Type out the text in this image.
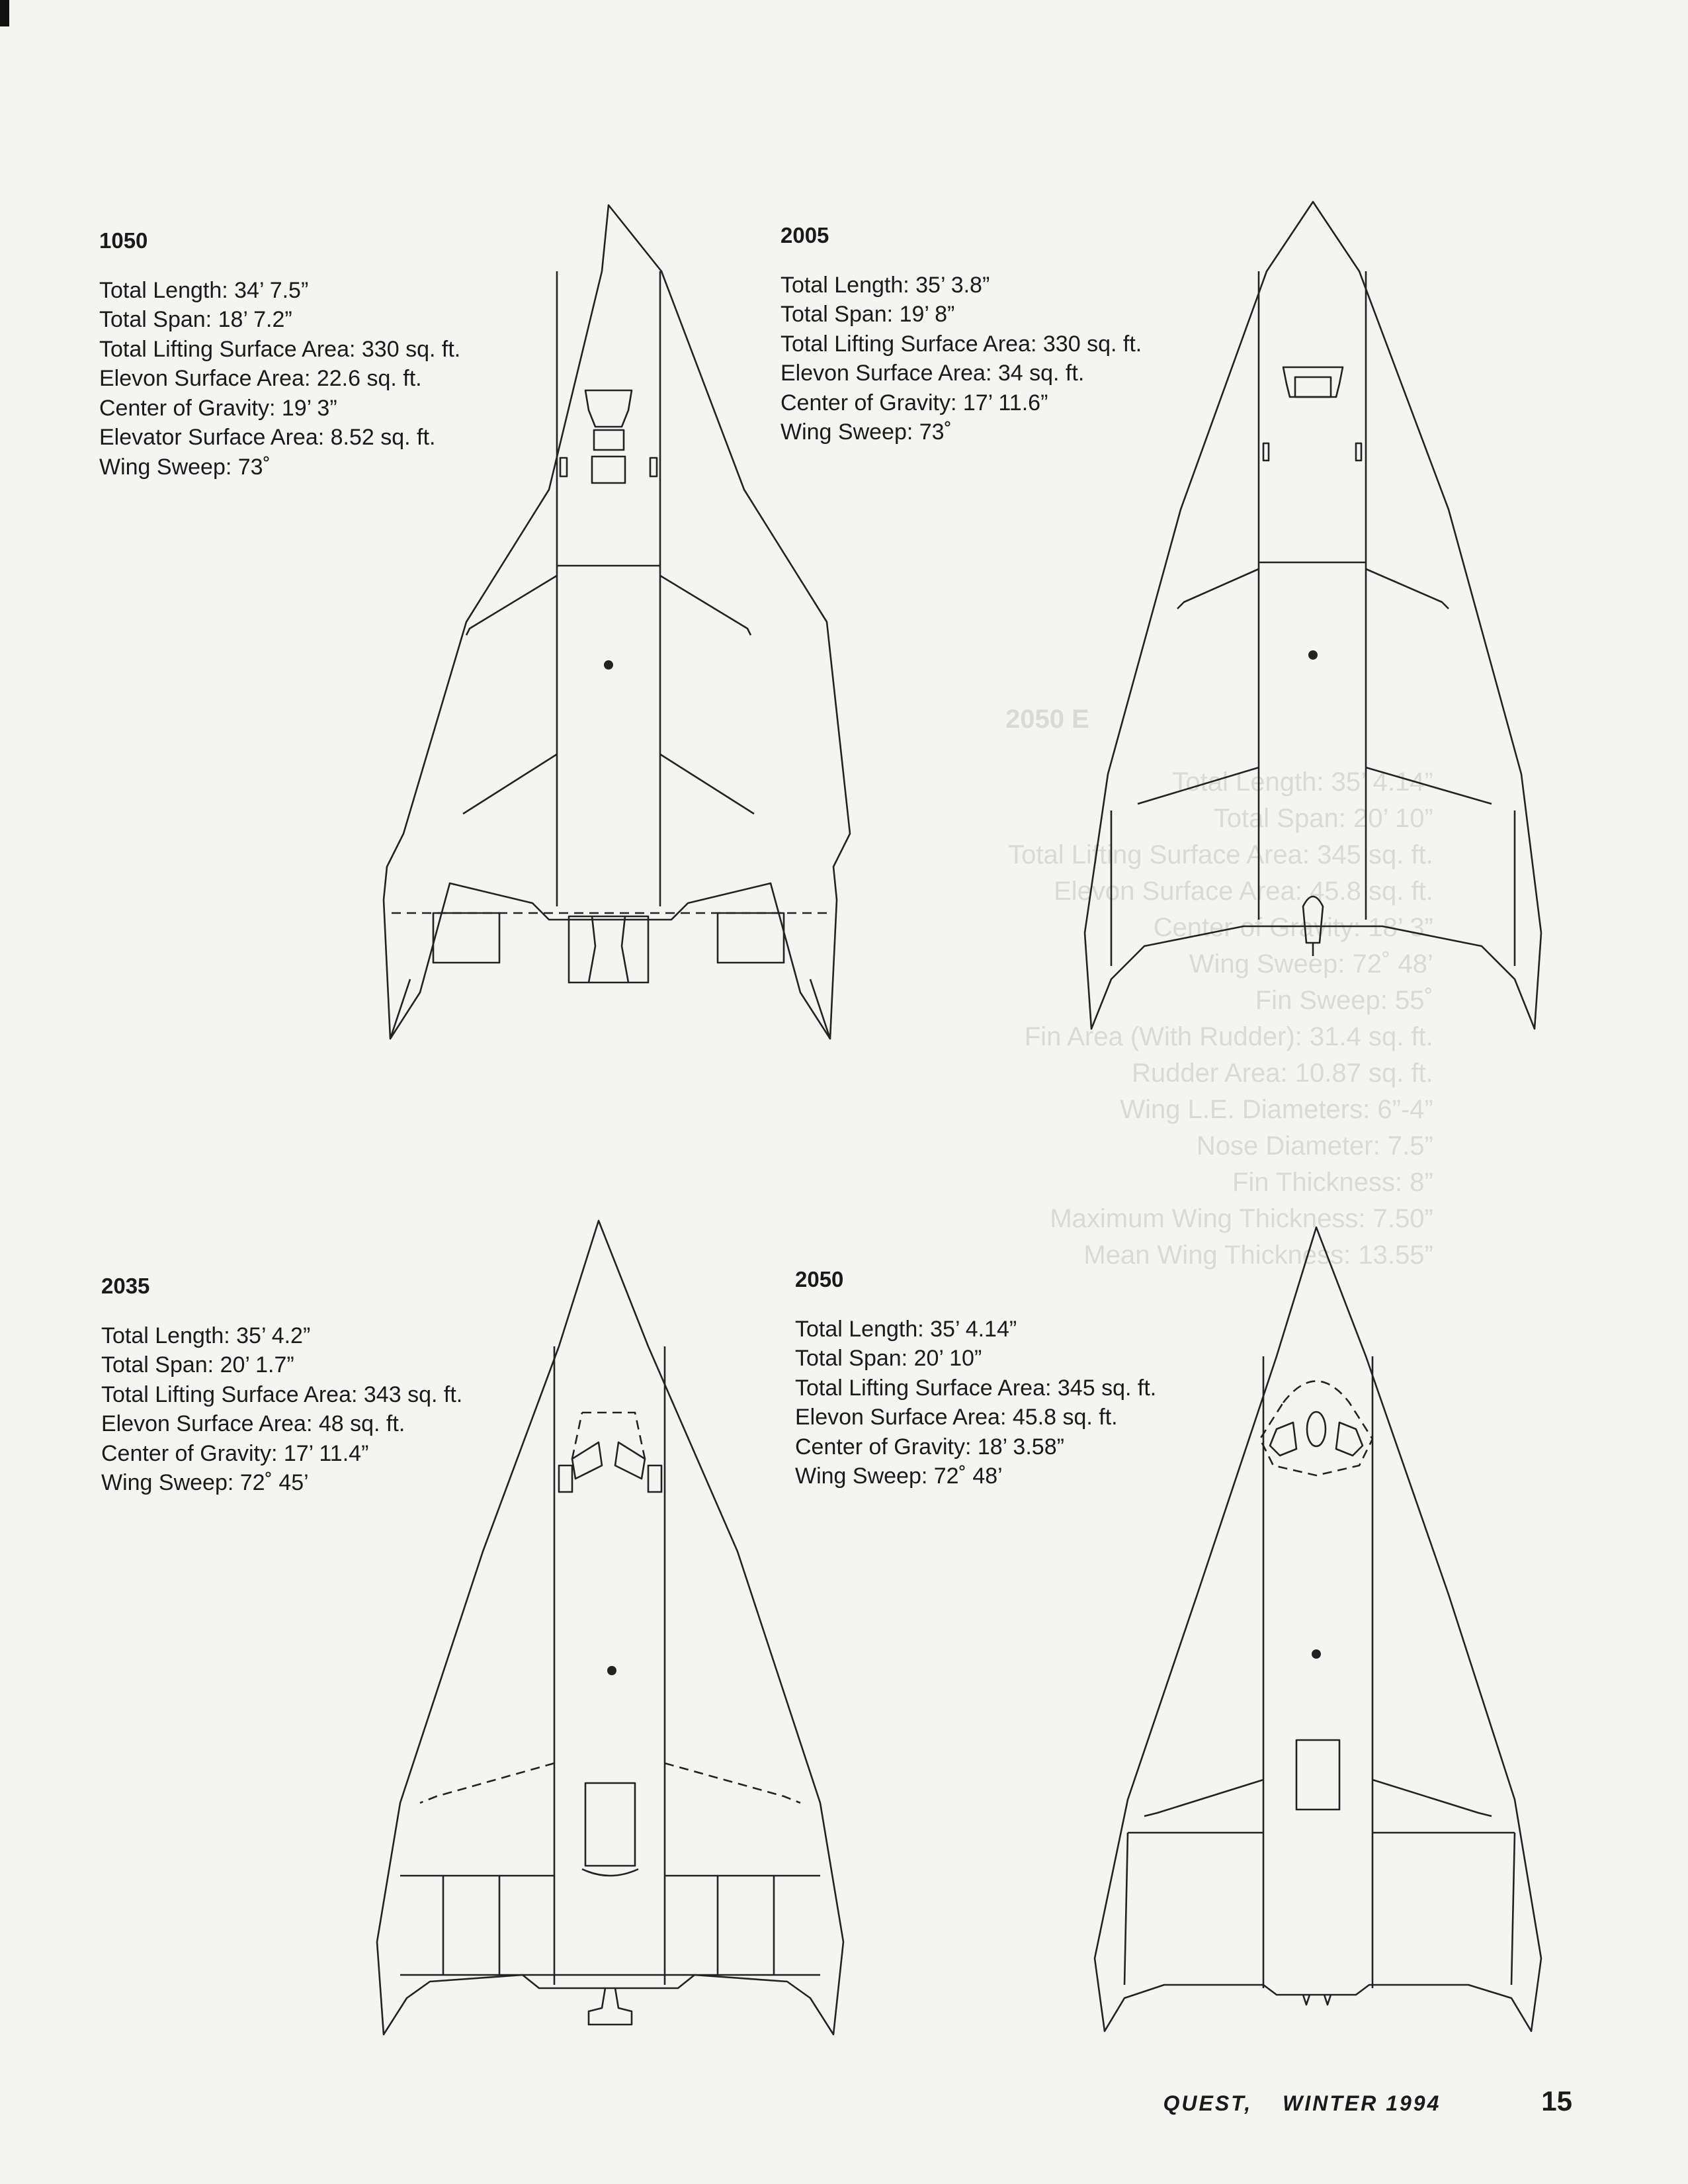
2050 E
Total Length: 35’ 4.14”
Total Span: 20’ 10”
Total Lifting Surface Area: 345 sq. ft.
Elevon Surface Area: 45.8 sq. ft.
Center of Gravity: 18’ 3”
Wing Sweep: 72˚ 48’
Fin Sweep: 55˚
Fin Area (With Rudder): 31.4 sq. ft.
Rudder Area: 10.87 sq. ft.
Wing L.E. Diameters: 6”-4”
Nose Diameter: 7.5”
Fin Thickness: 8”
Maximum Wing Thickness: 7.50”
Mean Wing Thickness: 13.55”
1050
Total Length: 34’ 7.5”
Total Span: 18’ 7.2”
Total Lifting Surface Area: 330 sq. ft.
Elevon Surface Area: 22.6 sq. ft.
Center of Gravity: 19’ 3”
Elevator Surface Area: 8.52 sq. ft.
Wing Sweep: 73˚
2005
Total Length: 35’ 3.8”
Total Span: 19’ 8”
Total Lifting Surface Area: 330 sq. ft.
Elevon Surface Area: 34 sq. ft.
Center of Gravity: 17’ 11.6”
Wing Sweep: 73˚
2035
Total Length: 35’ 4.2”
Total Span: 20’ 1.7”
Total Lifting Surface Area: 343 sq. ft.
Elevon Surface Area: 48 sq. ft.
Center of Gravity: 17’ 11.4”
Wing Sweep: 72˚ 45’
2050
Total Length: 35’ 4.14”
Total Span: 20’ 10”
Total Lifting Surface Area: 345 sq. ft.
Elevon Surface Area: 45.8 sq. ft.
Center of Gravity: 18’ 3.58”
Wing Sweep: 72˚ 48’
QUEST, WINTER 1994	15
